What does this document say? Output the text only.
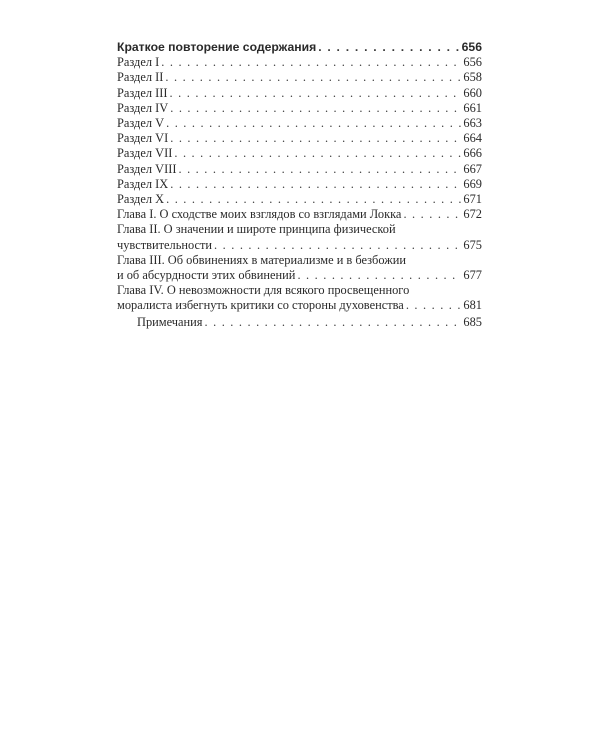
Краткое повторение содержания . . .	656
Раздел I . . .	656
Раздел II . . .	658
Раздел III . . .	660
Раздел IV . . .	661
Раздел V . . .	663
Раздел VI . . .	664
Раздел VII . . .	666
Раздел VIII . . .	667
Раздел IX . . .	669
Раздел X . . .	671
Глава I. О сходстве моих взглядов со взглядами Локка . . .	672
Глава II. О значении и широте принципа физической
чувствительности . . .	675
Глава III. Об обвинениях в материализме и в безбожии
и об абсурдности этих обвинений . . .	677
Глава IV. О невозможности для всякого просвещенного
моралиста избегнуть критики со стороны духовенства . . .	681
Примечания . . .	685
